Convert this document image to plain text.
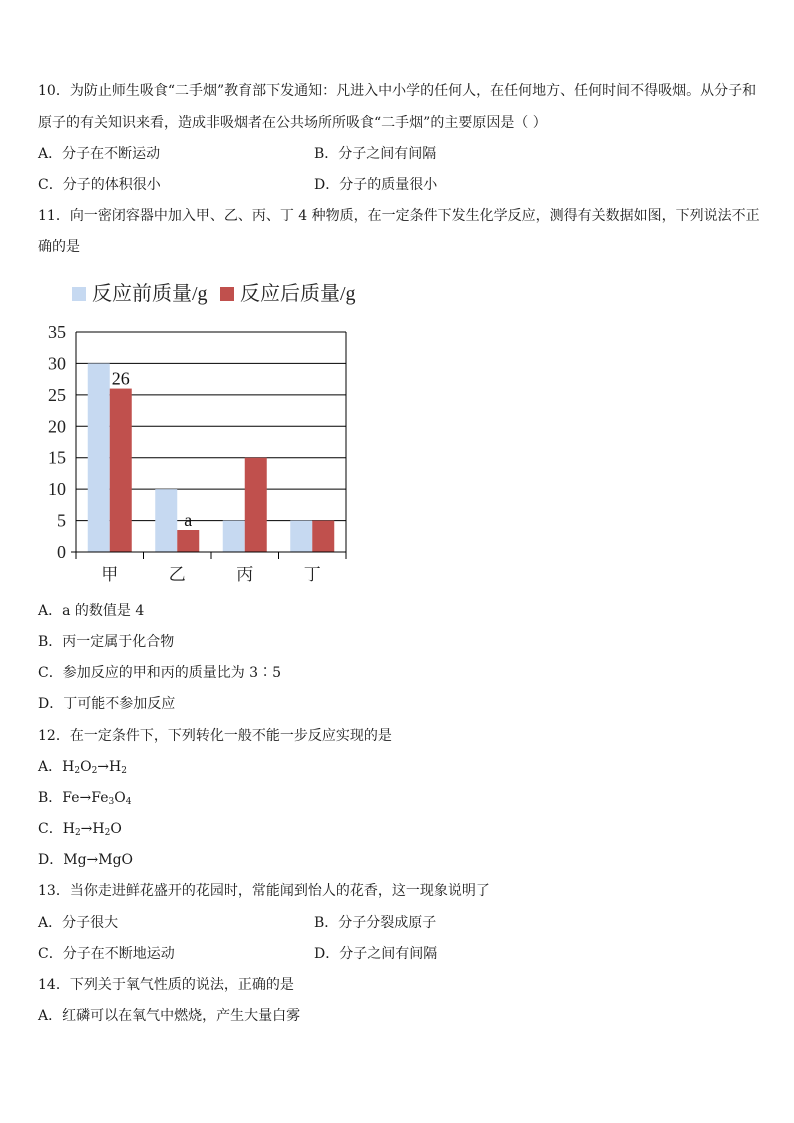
10．为防止师生吸食“二手烟”教育部下发通知：凡进入中小学的任何人，在任何地方、任何时间不得吸烟。从分子和
原子的有关知识来看，造成非吸烟者在公共场所所吸食“二手烟”的主要原因是（ ）
A．分子在不断运动	B．分子之间有间隔
C．分子的体积很小	D．分子的质量很小
11．向一密闭容器中加入甲、乙、丙、丁 4 种物质，在一定条件下发生化学反应，测得有关数据如图，下列说法不正
确的是
反应前质量/g 反应后质量/g
0
5
10
15
20
25
30
35
26
a
甲	乙	丙	丁
A．a 的数值是 4
B．丙一定属于化合物
C．参加反应的甲和丙的质量比为 3∶5
D．丁可能不参加反应
12．在一定条件下，下列转化一般不能一步反应实现的是
A．$H_2O_2\to H_2$
B．$Fe\to Fe_3O_4$
C．$H_2\to H_2O$
D．Mg→MgO
13．当你走进鲜花盛开的花园时，常能闻到怡人的花香，这一现象说明了
A．分子很大	B．分子分裂成原子
C．分子在不断地运动	D．分子之间有间隔
14．下列关于氧气性质的说法，正确的是
A．红磷可以在氧气中燃烧，产生大量白雾
